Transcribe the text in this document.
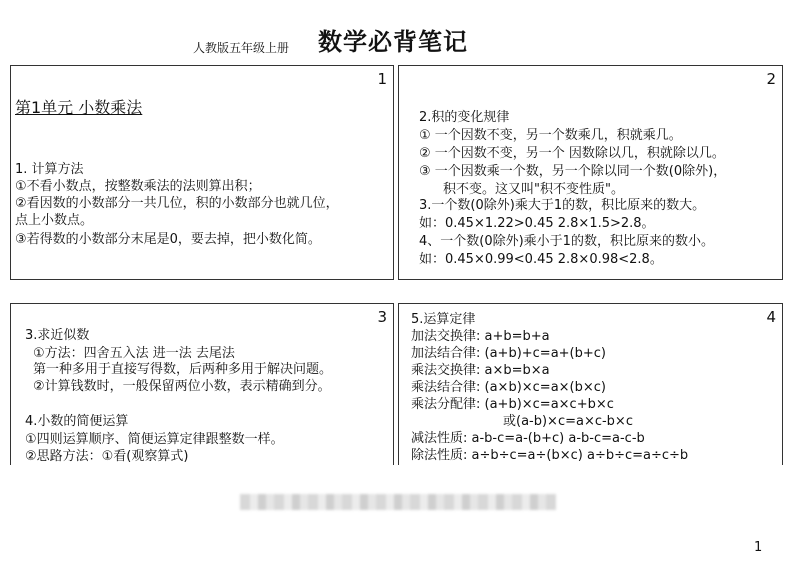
人教版五年级上册 数学必背笔记
1
第1单元 小数乘法
1. 计算方法
①不看小数点，按整数乘法的法则算出积；
②看因数的小数部分一共几位，积的小数部分也就几位，
点上小数点。
③若得数的小数部分末尾是0，要去掉，把小数化简。
2
2.积的变化规律
① 一个因数不变，另一个数乘几，积就乘几。
② 一个因数不变，另一个 因数除以几，积就除以几。
③ 一个因数乘一个数，另一个除以同一个数(0除外)，
积不变。这又叫"积不变性质"。
3.一个数(0除外)乘大于1的数，积比原来的数大。
如：0.45×1.22>0.45 2.8×1.5>2.8。
4、一个数(0除外)乘小于1的数，积比原来的数小。
如：0.45×0.99<0.45 2.8×0.98<2.8。
3
3.求近似数
①方法：四舍五入法 进一法 去尾法
第一种多用于直接写得数，后两种多用于解决问题。
②计算钱数时，一般保留两位小数，表示精确到分。
4.小数的简便运算
①四则运算顺序、简便运算定律跟整数一样。
②思路方法：①看(观察算式)
4
5.运算定律
加法交换律: a+b=b+a
加法结合律: (a+b)+c=a+(b+c)
乘法交换律: a×b=b×a
乘法结合律: (a×b)×c=a×(b×c)
乘法分配律: (a+b)×c=a×c+b×c
或(a-b)×c=a×c-b×c
减法性质: a-b-c=a-(b+c) a-b-c=a-c-b
除法性质: a÷b÷c=a÷(b×c) a÷b÷c=a÷c÷b
1
